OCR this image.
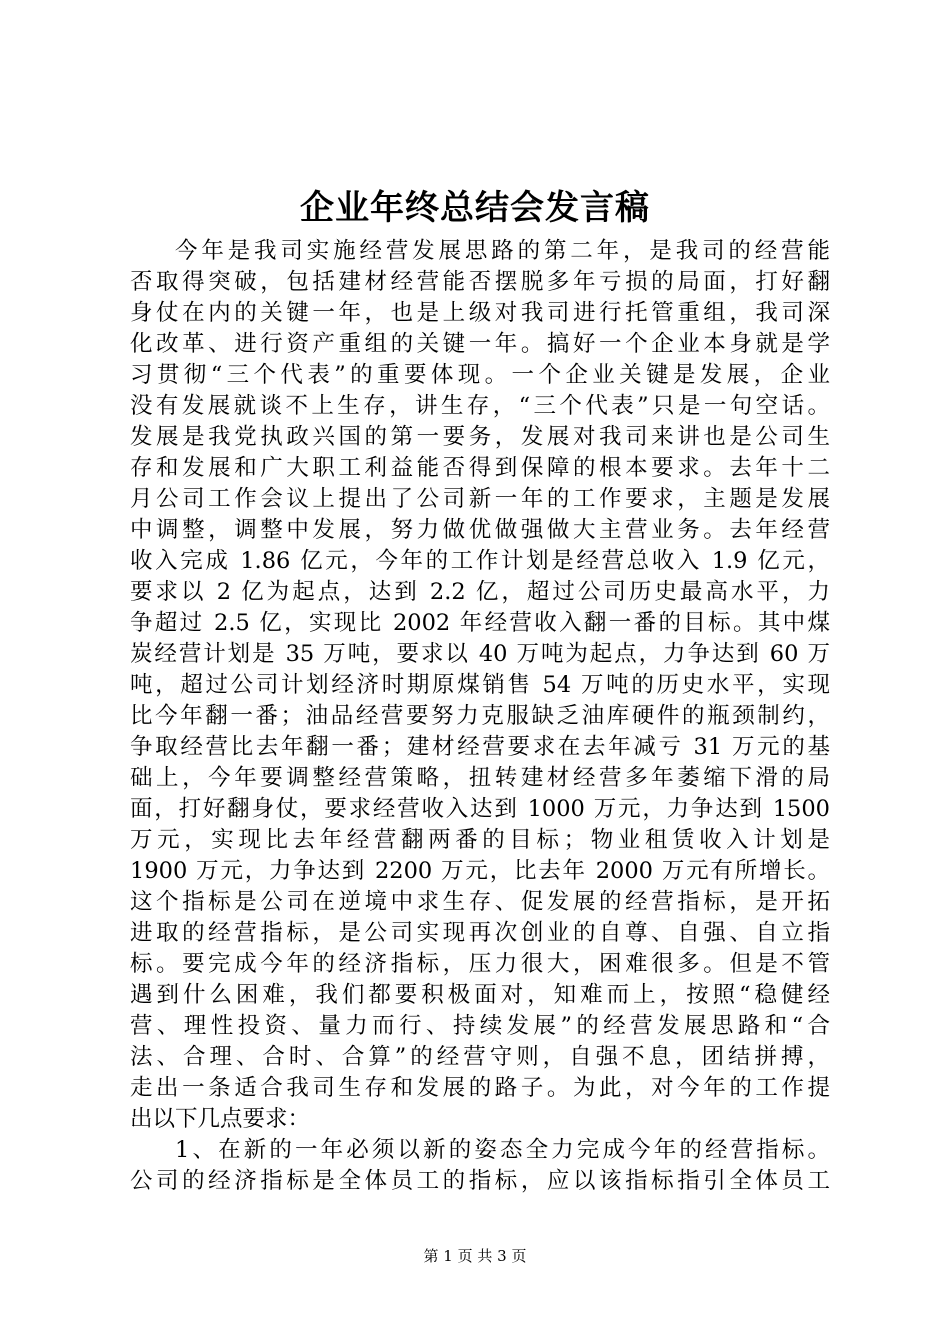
企业年终总结会发言稿
今年是我司实施经营发展思路的第二年，是我司的经营能
否取得突破，包括建材经营能否摆脱多年亏损的局面，打好翻
身仗在内的关键一年，也是上级对我司进行托管重组，我司深
化改革、进行资产重组的关键一年。搞好一个企业本身就是学
习贯彻“三个代表”的重要体现。一个企业关键是发展，企业
没有发展就谈不上生存，讲生存，“三个代表”只是一句空话。
发展是我党执政兴国的第一要务，发展对我司来讲也是公司生
存和发展和广大职工利益能否得到保障的根本要求。去年十二
月公司工作会议上提出了公司新一年的工作要求，主题是发展
中调整，调整中发展，努力做优做强做大主营业务。去年经营
收入完成 1.86 亿元，今年的工作计划是经营总收入 1.9 亿元，
要求以 2 亿为起点，达到 2.2 亿，超过公司历史最高水平，力
争超过 2.5 亿，实现比 2002 年经营收入翻一番的目标。其中煤
炭经营计划是 35 万吨，要求以 40 万吨为起点，力争达到 60 万
吨，超过公司计划经济时期原煤销售 54 万吨的历史水平，实现
比今年翻一番；油品经营要努力克服缺乏油库硬件的瓶颈制约，
争取经营比去年翻一番；建材经营要求在去年减亏 31 万元的基
础上，今年要调整经营策略，扭转建材经营多年萎缩下滑的局
面，打好翻身仗，要求经营收入达到 1000 万元，力争达到 1500
万元，实现比去年经营翻两番的目标；物业租赁收入计划是
1900 万元，力争达到 2200 万元，比去年 2000 万元有所增长。
这个指标是公司在逆境中求生存、促发展的经营指标，是开拓
进取的经营指标，是公司实现再次创业的自尊、自强、自立指
标。要完成今年的经济指标，压力很大，困难很多。但是不管
遇到什么困难，我们都要积极面对，知难而上，按照“稳健经
营、理性投资、量力而行、持续发展”的经营发展思路和“合
法、合理、合时、合算”的经营守则，自强不息，团结拼搏，
走出一条适合我司生存和发展的路子。为此，对今年的工作提
出以下几点要求：
1、在新的一年必须以新的姿态全力完成今年的经营指标。
公司的经济指标是全体员工的指标，应以该指标指引全体员工
第 1 页 共 3 页
